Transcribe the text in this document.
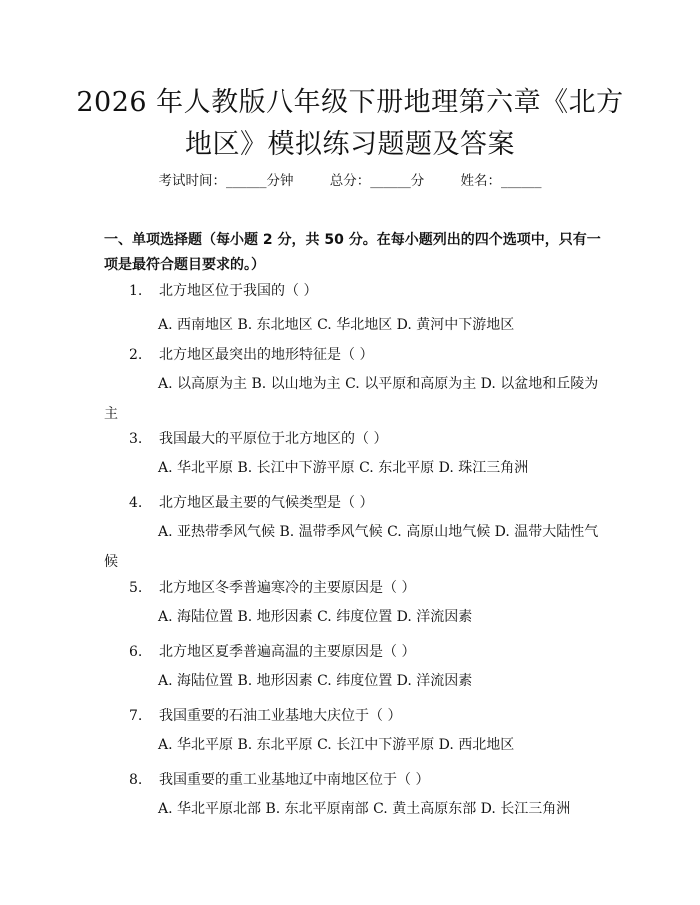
2026 年人教版八年级下册地理第六章《北方
地区》模拟练习题题及答案
考试时间：______分钟	总分：______分	姓名：______
一、单项选择题（每小题 2 分，共 50 分。在每小题列出的四个选项中，只有一项是最符合题目要求的。）
1. 北方地区位于我国的（ ）
A. 西南地区 B. 东北地区 C. 华北地区 D. 黄河中下游地区
2. 北方地区最突出的地形特征是（ ）
A. 以高原为主 B. 以山地为主 C. 以平原和高原为主 D. 以盆地和丘陵为主
3. 我国最大的平原位于北方地区的（ ）
A. 华北平原 B. 长江中下游平原 C. 东北平原 D. 珠江三角洲
4. 北方地区最主要的气候类型是（ ）
A. 亚热带季风气候 B. 温带季风气候 C. 高原山地气候 D. 温带大陆性气候
5. 北方地区冬季普遍寒冷的主要原因是（ ）
A. 海陆位置 B. 地形因素 C. 纬度位置 D. 洋流因素
6. 北方地区夏季普遍高温的主要原因是（ ）
A. 海陆位置 B. 地形因素 C. 纬度位置 D. 洋流因素
7. 我国重要的石油工业基地大庆位于（ ）
A. 华北平原 B. 东北平原 C. 长江中下游平原 D. 西北地区
8. 我国重要的重工业基地辽中南地区位于（ ）
A. 华北平原北部 B. 东北平原南部 C. 黄土高原东部 D. 长江三角洲
